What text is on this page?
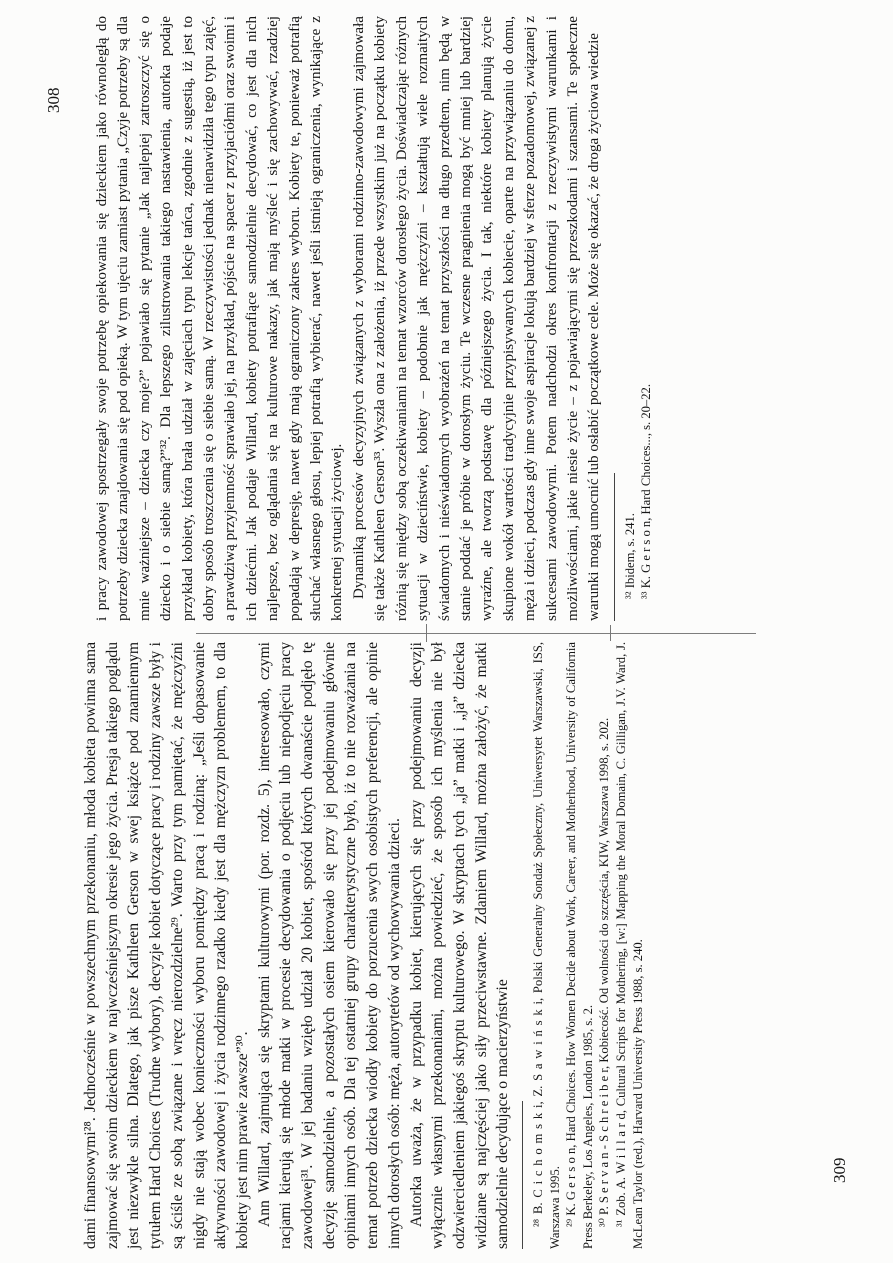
dami finansowymi²⁸. Jednocześnie w powszechnym przekonaniu, młoda kobieta powinna sama zajmować się swoim dzieckiem w najwcześniejszym okresie jego życia. Presja takiego poglądu jest niezwykle silna. Dlatego, jak pisze Kathleen Gerson w swej książce pod znamiennym tytułem Hard Choices (Trudne wybory), decyzje kobiet dotyczące pracy i rodziny zawsze były i są ściśle ze sobą związane i wręcz nierozdzielne²⁹. Warto przy tym pamiętać, że mężczyźni nigdy nie stają wobec konieczności wyboru pomiędzy pracą i rodziną: „Jeśli dopasowanie aktywności zawodowej i życia rodzinnego rzadko kiedy jest dla mężczyzn problemem, to dla kobiety jest nim prawie zawsze”³⁰. Ann Willard, zajmująca się skryptami kulturowymi (por. rozdz. 5), interesowało, czymi racjami kierują się młode matki w procesie decydowania o podjęciu lub niepodjęciu pracy zawodowej³¹. W jej badaniu wzięło udział 20 kobiet, spośród których dwanaście podjęło tę decyzję samodzielnie, a pozostałych osiem kierowało się przy jej podejmowaniu głównie opiniami innych osób. Dla tej ostatniej grupy charakterystyczne było, iż to nie rozważania na temat potrzeb dziecka wiodły kobiety do porzucenia swych osobistych preferencji, ale opinie innych dorosłych osób: męża, autorytetów od wychowywania dzieci. Autorka uważa, że w przypadku kobiet, kierujących się przy podejmowaniu decyzji wyłącznie własnymi przekonaniami, można powiedzieć, że sposób ich myślenia nie był odzwierciedleniem jakiegoś skryptu kulturowego. W skryptach tych „ja” matki i „ja” dziecka widziane są najczęściej jako siły przeciwstawne. Zdaniem Willard, można założyć, że matki samodzielnie decydujące o macierzyństwie ²⁸ B. C i c h o m s k i, Z. S a w i ń s k i, Polski Generalny Sondaż Społeczny, Uniwersytet Warszawski, ISS, Warszawa 1995. ²⁹ K. G e r s o n, Hard Choices. How Women Decide about Work, Career, and Motherhood, University of California Press Berkeley, Los Angeles, London 1985, s. 2. ³⁰ P. S e r v a n - S c h r e i b e r, Kobiecość. Od wolności do szczęścia, KIW, Warszawa 1998, s. 202. ³¹ Zob. A. W i l l a r d, Cultural Scripts for Mothering, [w:] Mapping the Moral Domain, C. Gilligan, J.V. Ward, J. McLean Taylor (red.), Harvard University Press 1988, s. 240.

308 i pracy zawodowej spostrzegały swoje potrzebę opiekowania się dzieckiem jako równoległą do potrzeby dziecka znajdowania się pod opieką. W tym ujęciu zamiast pytania „Czyje potrzeby są dla mnie ważniejsze – dziecka czy moje?” pojawiało się pytanie „Jak najlepiej zatroszczyć się o dziecko i o siebie samą?”³². Dla lepszego zilustrowania takiego nastawienia, autorka podaje przykład kobiety, która brała udział w zajęciach typu lekcje tańca, zgodnie z sugestią, iż jest to dobry sposób troszczenia się o siebie samą. W rzeczywistości jednak nienawidziła tego typu zajęć, a prawdziwą przyjemność sprawiało jej, na przykład, pójście na spacer z przyjaciółmi oraz swoimi i ich dziećmi. Jak podaje Willard, kobiety potrafiące samodzielnie decydować, co jest dla nich najlepsze, bez oglądania się na kulturowe nakazy, jak mają myśleć i się zachowywać, rzadziej popadają w depresję, nawet gdy mają ograniczony zakres wyboru. Kobiety te, ponieważ potrafią słuchać własnego głosu, lepiej potrafią wybierać, nawet jeśli istnieją ograniczenia, wynikające z konkretnej sytuacji życiowej. Dynamiką procesów decyzyjnych związanych z wyborami rodzinno-zawodowymi zajmowała się także Kathleen Gerson³³. Wyszła ona z założenia, iż przede wszystkim już na początku kobiety różnią się między sobą oczekiwaniami na temat wzorców dorosłego życia. Doświadczając różnych sytuacji w dzieciństwie, kobiety – podobnie jak mężczyźni – kształtują wiele rozmaitych świadomych i nieświadomych wyobrażeń na temat przyszłości na długo przedtem, nim będą w stanie poddać je próbie w dorosłym życiu. Te wczesne pragnienia mogą być mniej lub bardziej wyraźne, ale tworzą podstawę dla późniejszego życia. I tak, niektóre kobiety planują życie skupione wokół wartości tradycyjnie przypisywanych kobiecie, oparte na przywiązaniu do domu, męża i dzieci, podczas gdy inne swoje aspiracje lokują bardziej w sferze pozadomowej, związanej z sukcesami zawodowymi. Potem nadchodzi okres konfrontacji z rzeczywistymi warunkami i możliwościami, jakie niesie życie – z pojawiającymi się przeszkodami i szansami. Te społeczne warunki mogą umocnić lub osłabić początkowe cele. Może się okazać, że droga życiowa wiedzie ³² Ibidem, s. 241. ³³ K. G e r s o n, Hard Choices..., s. 20–22.

309
